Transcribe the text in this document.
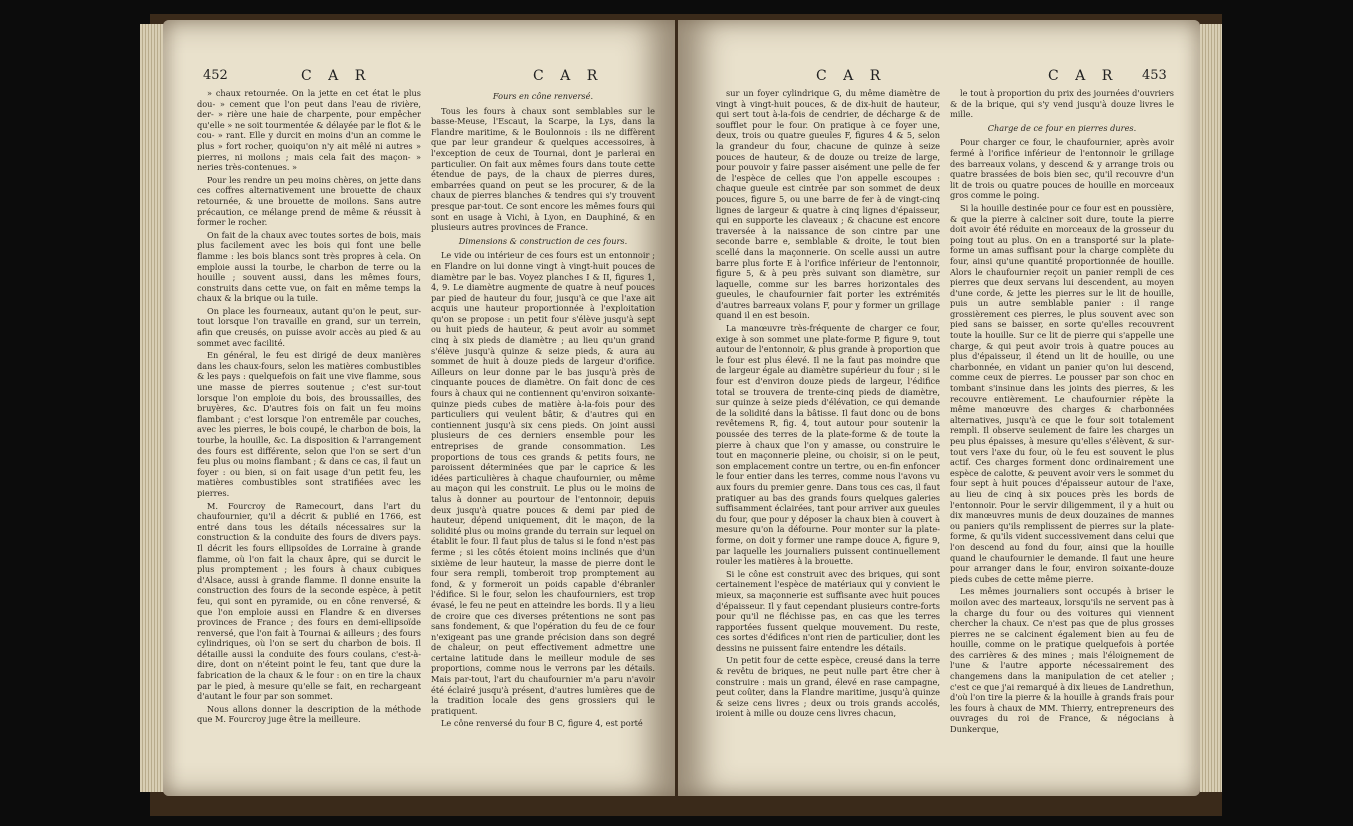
452	C A R	C A R

» chaux retournée. On la jette en cet état le plus dou- » cement que l'on peut dans l'eau de rivière, der- » rière une haie de charpente, pour empêcher qu'elle » ne soit tourmentée & délayée par le flot & le cou- » rant. Elle y durcit en moins d'un an comme le plus » fort rocher, quoiqu'on n'y ait mêlé ni autres » pierres, ni moilons ; mais cela fait des maçon- » neries très-contenues. »

Pour les rendre un peu moins chères, on jette dans ces coffres alternativement une brouette de chaux retournée, & une brouette de moilons. Sans autre précaution, ce mélange prend de même & réussit à former le rocher.

On fait de la chaux avec toutes sortes de bois, mais plus facilement avec les bois qui font une belle flamme : les bois blancs sont très propres à cela. On emploie aussi la tourbe, le charbon de terre ou la houille ; souvent aussi, dans les mêmes fours, construits dans cette vue, on fait en même temps la chaux & la brique ou la tuile.

On place les fourneaux, autant qu'on le peut, sur-tout lorsque l'on travaille en grand, sur un terrein, afin que creusés, on puisse avoir accès au pied & au sommet avec facilité.

En général, le feu est dirigé de deux manières dans les chaux-fours, selon les matières combustibles & les pays : quelquefois on fait une vive flamme, sous une masse de pierres soutenue ; c'est sur-tout lorsque l'on emploie du bois, des broussailles, des bruyères, &c. D'autres fois on fait un feu moins flambant ; c'est lorsque l'on entremêle par couches, avec les pierres, le bois coupé, le charbon de bois, la tourbe, la houille, &c. La disposition & l'arrangement des fours est différente, selon que l'on se sert d'un feu plus ou moins flambant ; & dans ce cas, il faut un foyer : ou bien, si on fait usage d'un petit feu, les matières combustibles sont stratifiées avec les pierres.

M. Fourcroy de Ramecourt, dans l'art du chaufournier, qu'il a décrit & publié en 1766, est entré dans tous les détails nécessaires sur la construction & la conduite des fours de divers pays. Il décrit les fours ellipsoïdes de Lorraine à grande flamme, où l'on fait la chaux âpre, qui se durcit le plus promptement ; les fours à chaux cubiques d'Alsace, aussi à grande flamme. Il donne ensuite la construction des fours de la seconde espèce, à petit feu, qui sont en pyramide, ou en cône renversé, & que l'on emploie aussi en Flandre & en diverses provinces de France ; des fours en demi-ellipsoïde renversé, que l'on fait à Tournai & ailleurs ; des fours cylindriques, où l'on se sert du charbon de bois. Il détaille aussi la conduite des fours coulans, c'est-à-dire, dont on n'éteint point le feu, tant que dure la fabrication de la chaux & le four : on en tire la chaux par le pied, à mesure qu'elle se fait, en rechargeant d'autant le four par son sommet.

Nous allons donner la description de la méthode que M. Fourcroy juge être la meilleure.

Fours en cône renversé.

Tous les fours à chaux sont semblables sur le basse-Meuse, l'Escaut, la Scarpe, la Lys, dans la Flandre maritime, & le Boulonnois : ils ne diffèrent que par leur grandeur & quelques accessoires, à l'exception de ceux de Tournai, dont je parlerai en particulier. On fait aux mêmes fours dans toute cette étendue de pays, de la chaux de pierres dures, embarrées quand on peut se les procurer, & de la chaux de pierres blanches & tendres qui s'y trouvent presque par-tout. Ce sont encore les mêmes fours qui sont en usage à Vichi, à Lyon, en Dauphiné, & en plusieurs autres provinces de France.

Dimensions & construction de ces fours.

Le vide ou intérieur de ces fours est un entonnoir ; en Flandre on lui donne vingt à vingt-huit pouces de diamètre par le bas. Voyez planches I & II, figures 1, 4, 9. Le diamètre augmente de quatre à neuf pouces par pied de hauteur du four, jusqu'à ce que l'axe ait acquis une hauteur proportionnée à l'exploitation qu'on se propose : un petit four s'élève jusqu'à sept ou huit pieds de hauteur, & peut avoir au sommet cinq à six pieds de diamètre ; au lieu qu'un grand s'élève jusqu'à quinze & seize pieds, & aura au sommet de huit à douze pieds de largeur d'orifice. Ailleurs on leur donne par le bas jusqu'à près de cinquante pouces de diamètre. On fait donc de ces fours à chaux qui ne contiennent qu'environ soixante-quinze pieds cubes de matière à-la-fois pour des particuliers qui veulent bâtir, & d'autres qui en contiennent jusqu'à six cens pieds. On joint aussi plusieurs de ces derniers ensemble pour les entreprises de grande consommation. Les proportions de tous ces grands & petits fours, ne paroissent déterminées que par le caprice & les idées particulières à chaque chaufournier, ou même au maçon qui les construit. Le plus ou le moins de talus à donner au pourtour de l'entonnoir, depuis deux jusqu'à quatre pouces & demi par pied de hauteur, dépend uniquement, dit le maçon, de la solidité plus ou moins grande du terrain sur lequel on établit le four. Il faut plus de talus si le fond n'est pas ferme ; si les côtés étoient moins inclinés que d'un sixième de leur hauteur, la masse de pierre dont le four sera rempli, tomberoit trop promptement au fond, & y formeroit un poids capable d'ébranler l'édifice. Si le four, selon les chaufourniers, est trop évasé, le feu ne peut en atteindre les bords. Il y a lieu de croire que ces diverses prétentions ne sont pas sans fondement, & que l'opération du feu de ce four n'exigeant pas une grande précision dans son degré de chaleur, on peut effectivement admettre une certaine latitude dans le meilleur module de ses proportions, comme nous le verrons par les détails. Mais par-tout, l'art du chaufournier m'a paru n'avoir été éclairé jusqu'à présent, d'autres lumières que de la tradition locale des gens grossiers qui le pratiquent.

Le cône renversé du four B C, figure 4, est porté

C A R	C A R 453

sur un foyer cylindrique G, du même diamètre de vingt à vingt-huit pouces, & de dix-huit de hauteur, qui sert tout à-la-fois de cendrier, de décharge & de soufflet pour le four. On pratique à ce foyer une, deux, trois ou quatre gueules F, figures 4 & 5, selon la grandeur du four, chacune de quinze à seize pouces de hauteur, & de douze ou treize de large, pour pouvoir y faire passer aisément une pelle de fer de l'espèce de celles que l'on appelle escoupes : chaque gueule est cintrée par son sommet de deux pouces, figure 5, ou une barre de fer à de vingt-cinq lignes de largeur & quatre à cinq lignes d'épaisseur, qui en supporte les claveaux ; & chacune est encore traversée à la naissance de son cintre par une seconde barre e, semblable & droite, le tout bien scellé dans la maçonnerie. On scelle aussi un autre barre plus forte E à l'orifice inférieur de l'entonnoir, figure 5, & à peu près suivant son diamètre, sur laquelle, comme sur les barres horizontales des gueules, le chaufournier fait porter les extrémités d'autres barreaux volans F, pour y former un grillage quand il en est besoin.

La manœuvre très-fréquente de charger ce four, exige à son sommet une plate-forme P, figure 9, tout autour de l'entonnoir, & plus grande à proportion que le four est plus élevé. Il ne la faut pas moindre que de largeur égale au diamètre supérieur du four ; si le four est d'environ douze pieds de largeur, l'édifice total se trouvera de trente-cinq pieds de diamètre, sur quinze à seize pieds d'élévation, ce qui demande de la solidité dans la bâtisse. Il faut donc ou de bons revêtemens R, fig. 4, tout autour pour soutenir la poussée des terres de la plate-forme & de toute la pierre à chaux que l'on y amasse, ou construire le tout en maçonnerie pleine, ou choisir, si on le peut, son emplacement contre un tertre, ou en-fin enfoncer le four entier dans les terres, comme nous l'avons vu aux fours du premier genre. Dans tous ces cas, il faut pratiquer au bas des grands fours quelques galeries suffisamment éclairées, tant pour arriver aux gueules du four, que pour y déposer la chaux bien à couvert à mesure qu'on la défourne. Pour monter sur la plate-forme, on doit y former une rampe douce A, figure 9, par laquelle les journaliers puissent continuellement rouler les matières à la brouette.

Si le cône est construit avec des briques, qui sont certainement l'espèce de matériaux qui y convient le mieux, sa maçonnerie est suffisante avec huit pouces d'épaisseur. Il y faut cependant plusieurs contre-forts pour qu'il ne fléchisse pas, en cas que les terres rapportées fussent quelque mouvement. Du reste, ces sortes d'édifices n'ont rien de particulier, dont les dessins ne puissent faire entendre les détails.

Un petit four de cette espèce, creusé dans la terre & revêtu de briques, ne peut nulle part être cher à construire : mais un grand, élevé en rase campagne, peut coûter, dans la Flandre maritime, jusqu'à quinze & seize cens livres ; deux ou trois grands accolés, iroient à mille ou douze cens livres chacun,

le tout à proportion du prix des journées d'ouvriers & de la brique, qui s'y vend jusqu'à douze livres le mille.

Charge de ce four en pierres dures.

Pour charger ce four, le chaufournier, après avoir fermé à l'orifice inférieur de l'entonnoir le grillage des barreaux volans, y descend & y arrange trois ou quatre brassées de bois bien sec, qu'il recouvre d'un lit de trois ou quatre pouces de houille en morceaux gros comme le poing.

Si la houille destinée pour ce four est en poussière, & que la pierre à calciner soit dure, toute la pierre doit avoir été réduite en morceaux de la grosseur du poing tout au plus. On en a transporté sur la plate-forme un amas suffisant pour la charge complète du four, ainsi qu'une quantité proportionnée de houille. Alors le chaufournier reçoit un panier rempli de ces pierres que deux servans lui descendent, au moyen d'une corde, & jette les pierres sur le lit de houille, puis un autre semblable panier : il range grossièrement ces pierres, le plus souvent avec son pied sans se baisser, en sorte qu'elles recouvrent toute la houille. Sur ce lit de pierre qui s'appelle une charge, & qui peut avoir trois à quatre pouces au plus d'épaisseur, il étend un lit de houille, ou une charbonnée, en vidant un panier qu'on lui descend, comme ceux de pierres. Le pousser par son choc en tombant s'insinue dans les joints des pierres, & les recouvre entièrement. Le chaufournier répète la même manœuvre des charges & charbonnées alternatives, jusqu'à ce que le four soit totalement rempli. Il observe seulement de faire les charges un peu plus épaisses, à mesure qu'elles s'élèvent, & sur-tout vers l'axe du four, où le feu est souvent le plus actif. Ces charges forment donc ordinairement une espèce de calotte, & peuvent avoir vers le sommet du four sept à huit pouces d'épaisseur autour de l'axe, au lieu de cinq à six pouces près les bords de l'entonnoir. Pour le servir diligemment, il y a huit ou dix manœuvres munis de deux douzaines de mannes ou paniers qu'ils remplissent de pierres sur la plate-forme, & qu'ils vident successivement dans celui que l'on descend au fond du four, ainsi que la houille quand le chaufournier le demande. Il faut une heure pour arranger dans le four, environ soixante-douze pieds cubes de cette même pierre.

Les mêmes journaliers sont occupés à briser le moilon avec des marteaux, lorsqu'ils ne servent pas à la charge du four ou des voitures qui viennent chercher la chaux. Ce n'est pas que de plus grosses pierres ne se calcinent également bien au feu de houille, comme on le pratique quelquefois à portée des carrières & des mines ; mais l'éloignement de l'une & l'autre apporte nécessairement des changemens dans la manipulation de cet atelier ; c'est ce que j'ai remarqué à dix lieues de Landrethun, d'où l'on tire la pierre & la houille à grands frais pour les fours à chaux de MM. Thierry, entrepreneurs des ouvrages du roi de France, & négocians à Dunkerque,
